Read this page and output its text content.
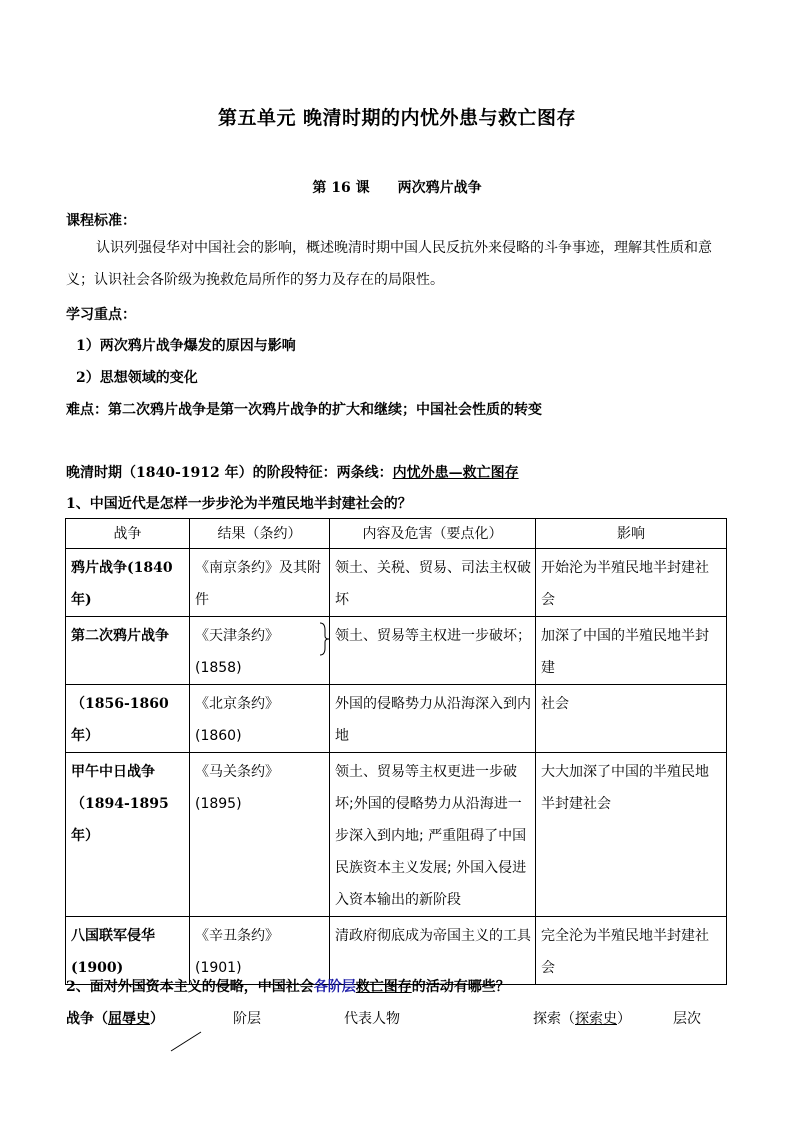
第五单元 晚清时期的内忧外患与救亡图存
第 16 课 两次鸦片战争
课程标准：
认识列强侵华对中国社会的影响，概述晚清时期中国人民反抗外来侵略的斗争事迹，理解其性质和意义；认识社会各阶级为挽救危局所作的努力及存在的局限性。
学习重点：
1）两次鸦片战争爆发的原因与影响
2）思想领域的变化
难点：第二次鸦片战争是第一次鸦片战争的扩大和继续；中国社会性质的转变
晚清时期（1840-1912 年）的阶段特征：两条线：内忧外患—救亡图存
1、中国近代是怎样一步步沦为半殖民地半封建社会的？
战争	结果（条约）	内容及危害（要点化）	影响
鸦片战争(1840 年)	《南京条约》及其附件	领土、关税、贸易、司法主权破坏	开始沦为半殖民地半封建社会
第二次鸦片战争	《天津条约》(1858)	领土、贸易等主权进一步破坏；	加深了中国的半殖民地半封建
（1856-1860 年）	《北京条约》(1860)	外国的侵略势力从沿海深入到内地	社会
甲午中日战争（1894-1895 年）	《马关条约》(1895)	领土、贸易等主权更进一步破坏;外国的侵略势力从沿海进一步深入到内地; 严重阻碍了中国民族资本主义发展; 外国入侵进入资本输出的新阶段	大大加深了中国的半殖民地半封建社会
八国联军侵华(1900)	《辛丑条约》(1901)	清政府彻底成为帝国主义的工具	完全沦为半殖民地半封建社会
2、面对外国资本主义的侵略，中国社会各阶层救亡图存的活动有哪些？
战争（屈辱史）	阶层	代表人物	探索（探索史）	层次
